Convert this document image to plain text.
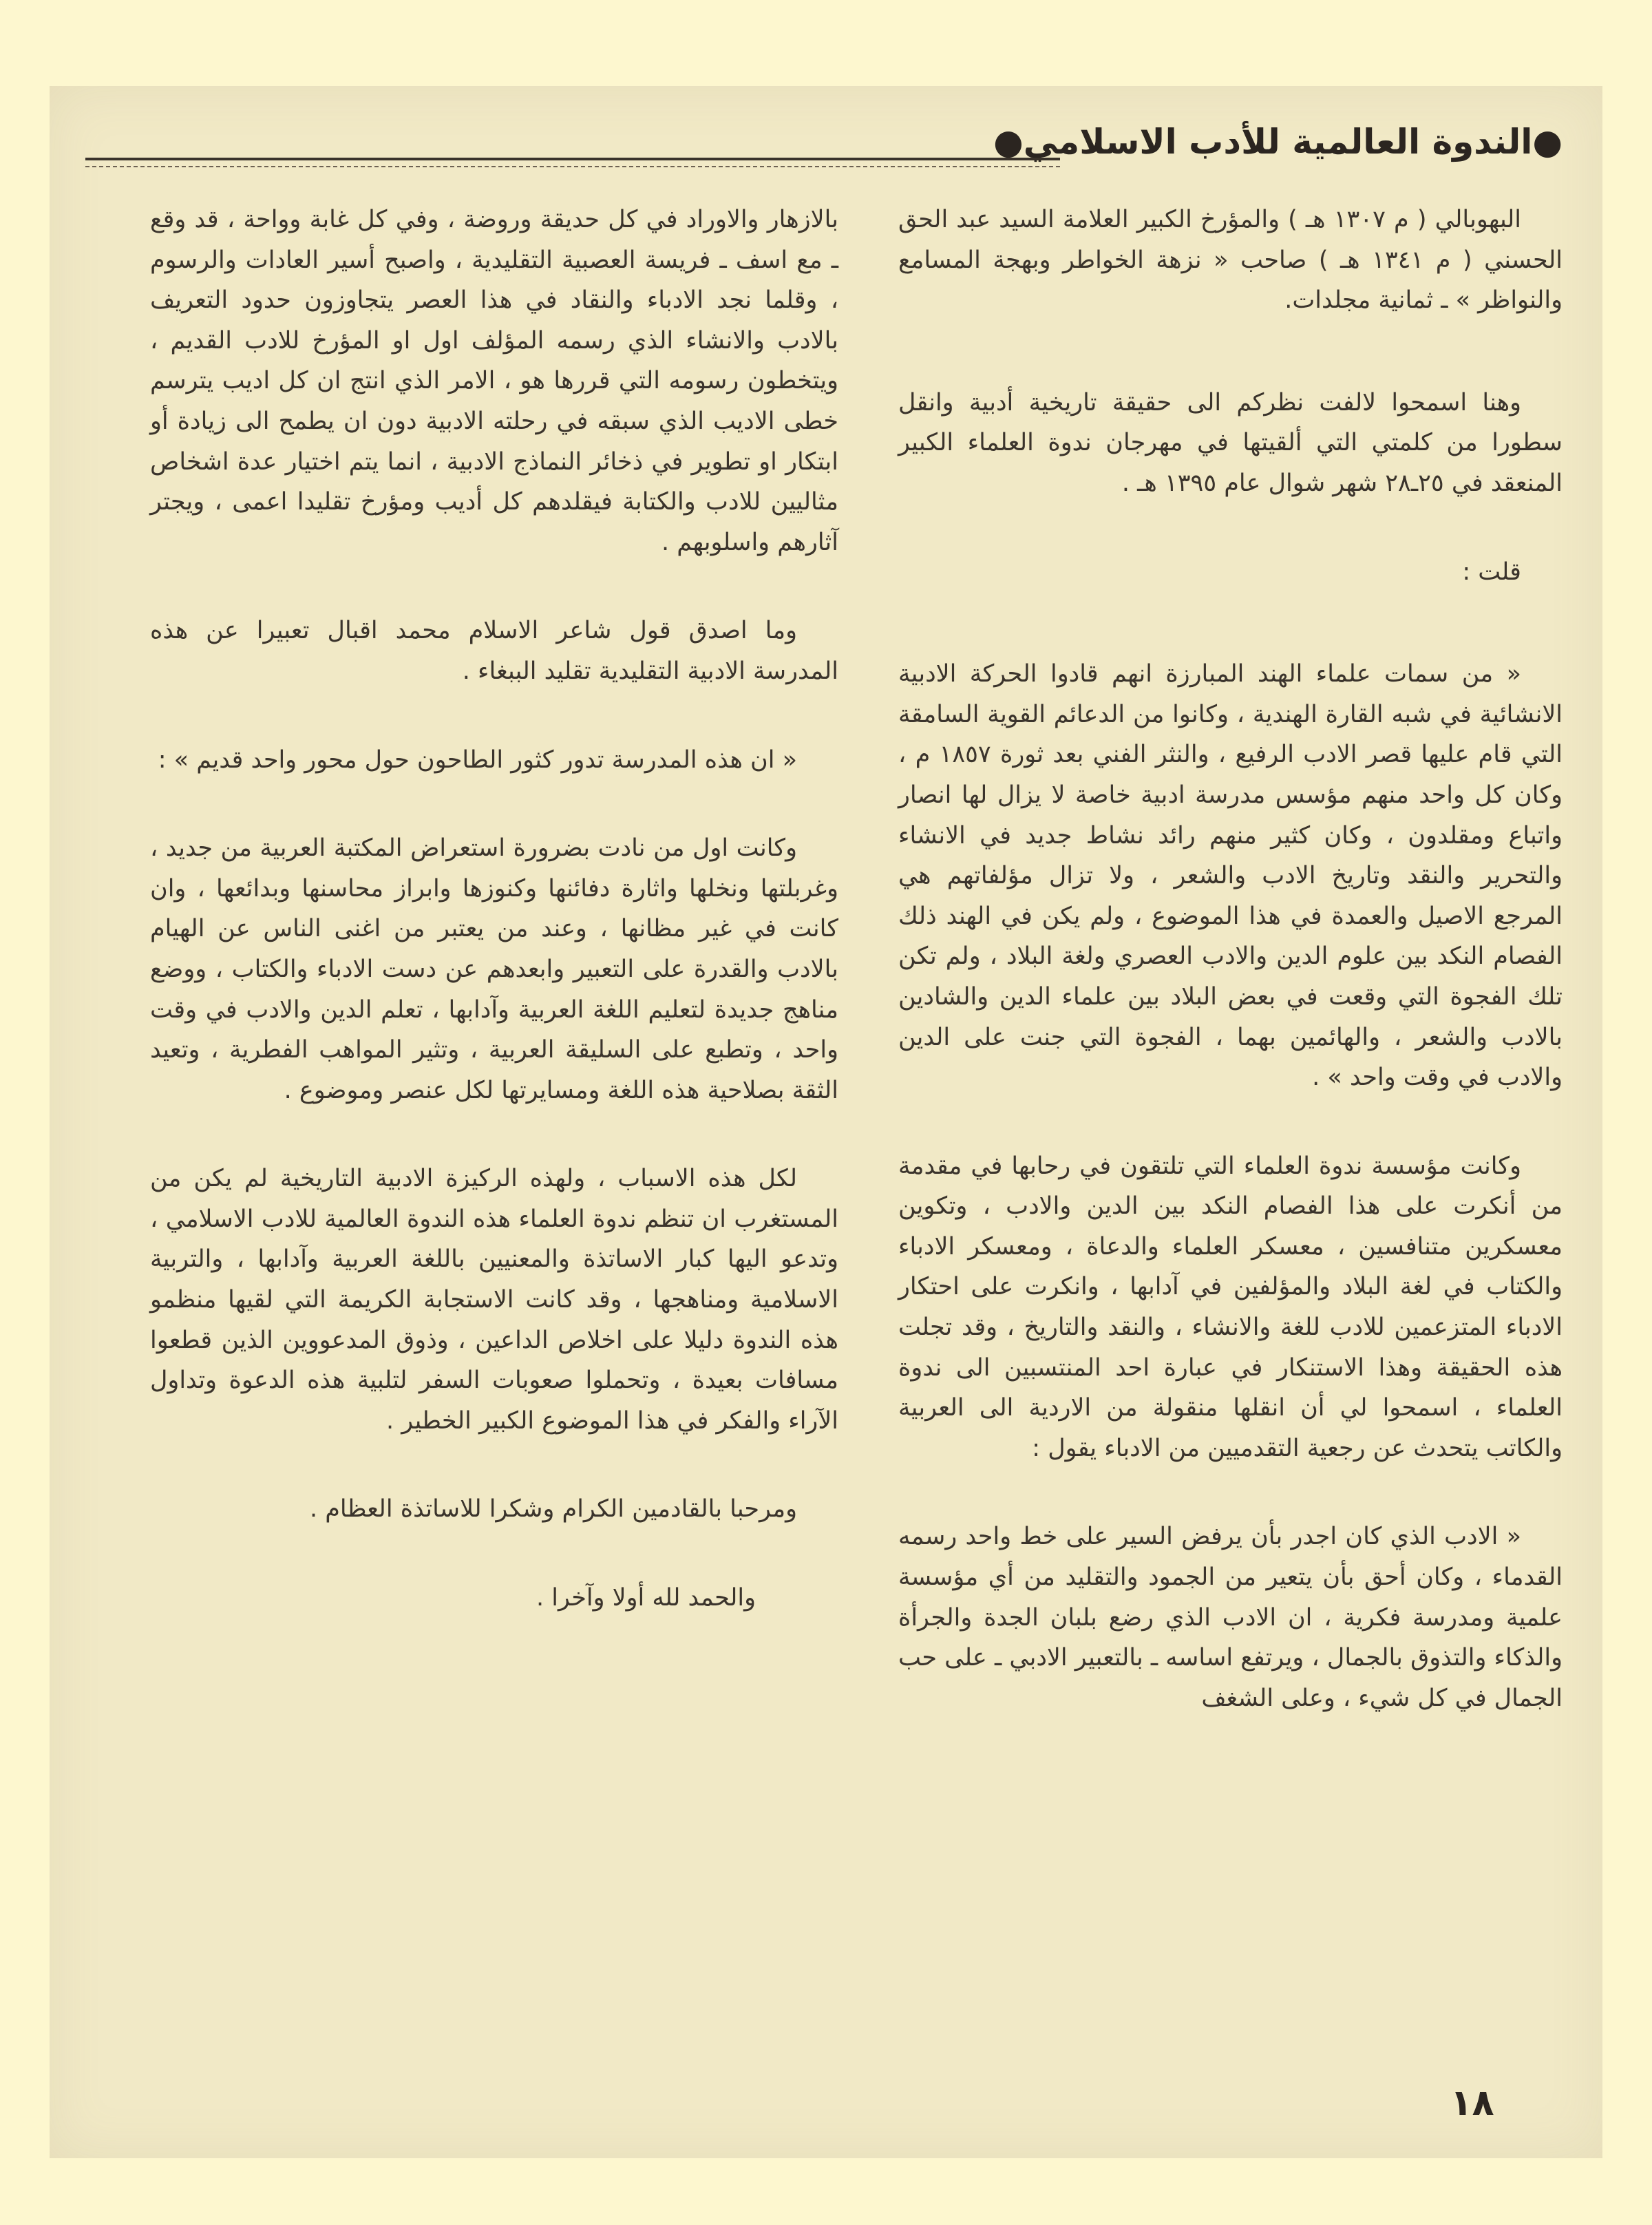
●الندوة العالمية للأدب الاسلامي●

البهوبالي ( م ١٣٠٧ هـ ) والمؤرخ الكبير العلامة السيد عبد الحق الحسني ( م ١٣٤١ هـ ) صاحب « نزهة الخواطر وبهجة المسامع والنواظر » ـ ثمانية مجلدات.

وهنا اسمحوا لالفت نظركم الى حقيقة تاريخية أدبية وانقل سطورا من كلمتي التي ألقيتها في مهرجان ندوة العلماء الكبير المنعقد في ٢٥ـ٢٨ شهر شوال عام ١٣٩٥ هـ .

قلت :

« من سمات علماء الهند المبارزة انهم قادوا الحركة الادبية الانشائية في شبه القارة الهندية ، وكانوا من الدعائم القوية السامقة التي قام عليها قصر الادب الرفيع ، والنثر الفني بعد ثورة ١٨٥٧ م ، وكان كل واحد منهم مؤسس مدرسة ادبية خاصة لا يزال لها انصار واتباع ومقلدون ، وكان كثير منهم رائد نشاط جديد في الانشاء والتحرير والنقد وتاريخ الادب والشعر ، ولا تزال مؤلفاتهم هي المرجع الاصيل والعمدة في هذا الموضوع ، ولم يكن في الهند ذلك الفصام النكد بين علوم الدين والادب العصري ولغة البلاد ، ولم تكن تلك الفجوة التي وقعت في بعض البلاد بين علماء الدين والشادين بالادب والشعر ، والهائمين بهما ، الفجوة التي جنت على الدين والادب في وقت واحد » .

وكانت مؤسسة ندوة العلماء التي تلتقون في رحابها في مقدمة من أنكرت على هذا الفصام النكد بين الدين والادب ، وتكوين معسكرين متنافسين ، معسكر العلماء والدعاة ، ومعسكر الادباء والكتاب في لغة البلاد والمؤلفين في آدابها ، وانكرت على احتكار الادباء المتزعمين للادب للغة والانشاء ، والنقد والتاريخ ، وقد تجلت هذه الحقيقة وهذا الاستنكار في عبارة احد المنتسبين الى ندوة العلماء ، اسمحوا لي أن انقلها منقولة من الاردية الى العربية والكاتب يتحدث عن رجعية التقدميين من الادباء يقول :

« الادب الذي كان اجدر بأن يرفض السير على خط واحد رسمه القدماء ، وكان أحق بأن يتعير من الجمود والتقليد من أي مؤسسة علمية ومدرسة فكرية ، ان الادب الذي رضع بلبان الجدة والجرأة والذكاء والتذوق بالجمال ، ويرتفع اساسه ـ بالتعبير الادبي ـ على حب الجمال في كل شيء ، وعلى الشغف

بالازهار والاوراد في كل حديقة وروضة ، وفي كل غابة وواحة ، قد وقع ـ مع اسف ـ فريسة العصبية التقليدية ، واصبح أسير العادات والرسوم ، وقلما نجد الادباء والنقاد في هذا العصر يتجاوزون حدود التعريف بالادب والانشاء الذي رسمه المؤلف اول او المؤرخ للادب القديم ، ويتخطون رسومه التي قررها هو ، الامر الذي انتج ان كل اديب يترسم خطى الاديب الذي سبقه في رحلته الادبية دون ان يطمح الى زيادة أو ابتكار او تطوير في ذخائر النماذج الادبية ، انما يتم اختيار عدة اشخاص مثاليين للادب والكتابة فيقلدهم كل أديب ومؤرخ تقليدا اعمى ، ويجتر آثارهم واسلوبهم .

وما اصدق قول شاعر الاسلام محمد اقبال تعبيرا عن هذه المدرسة الادبية التقليدية تقليد الببغاء .

« ان هذه المدرسة تدور كثور الطاحون حول محور واحد قديم » :

وكانت اول من نادت بضرورة استعراض المكتبة العربية من جديد ، وغربلتها ونخلها واثارة دفائنها وكنوزها وابراز محاسنها وبدائعها ، وان كانت في غير مظانها ، وعند من يعتبر من اغنى الناس عن الهيام بالادب والقدرة على التعبير وابعدهم عن دست الادباء والكتاب ، ووضع مناهج جديدة لتعليم اللغة العربية وآدابها ، تعلم الدين والادب في وقت واحد ، وتطبع على السليقة العربية ، وتثير المواهب الفطرية ، وتعيد الثقة بصلاحية هذه اللغة ومسايرتها لكل عنصر وموضوع .

لكل هذه الاسباب ، ولهذه الركيزة الادبية التاريخية لم يكن من المستغرب ان تنظم ندوة العلماء هذه الندوة العالمية للادب الاسلامي ، وتدعو اليها كبار الاساتذة والمعنيين باللغة العربية وآدابها ، والتربية الاسلامية ومناهجها ، وقد كانت الاستجابة الكريمة التي لقيها منظمو هذه الندوة دليلا على اخلاص الداعين ، وذوق المدعووين الذين قطعوا مسافات بعيدة ، وتحملوا صعوبات السفر لتلبية هذه الدعوة وتداول الآراء والفكر في هذا الموضوع الكبير الخطير .

ومرحبا بالقادمين الكرام وشكرا للاساتذة العظام .

والحمد لله أولا وآخرا .

١٨
